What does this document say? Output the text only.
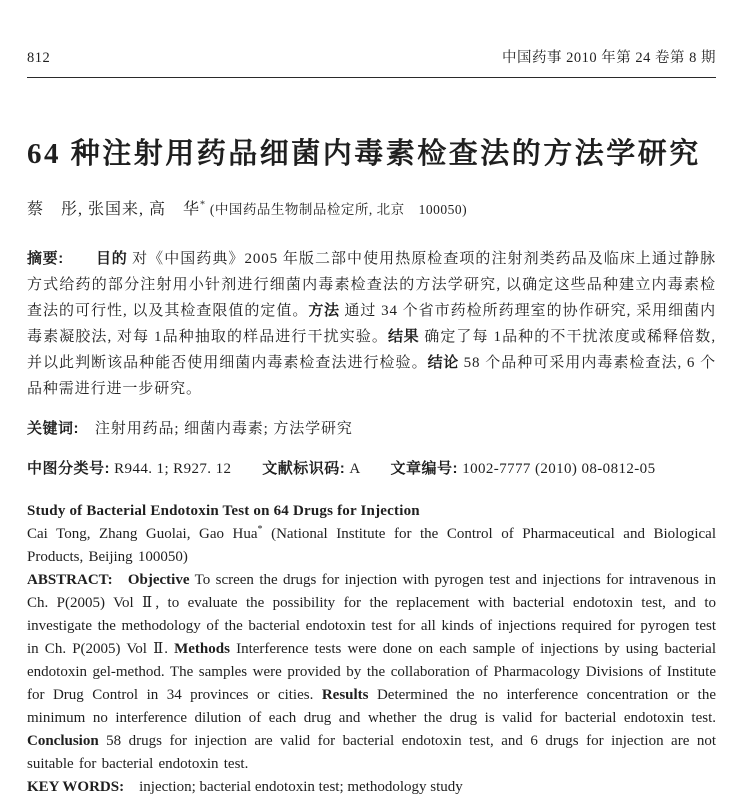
812	中国药事 2010 年第 24 卷第 8 期
64 种注射用药品细菌内毒素检查法的方法学研究

蔡　彤, 张国来, 高　华* (中国药品生物制品检定所, 北京　100050)

摘要:　　 目的 对《中国药典》2005 年版二部中使用热原检查项的注射剂类药品及临床上通过静脉方式给药的部分注射用小针剂进行细菌内毒素检查法的方法学研究, 以确定这些品种建立内毒素检查法的可行性, 以及其检查限值的定值。方法 通过 34 个省市药检所药理室的协作研究, 采用细菌内毒素凝胶法, 对每 1品种抽取的样品进行干扰实验。结果 确定了每 1品种的不干扰浓度或稀释倍数, 并以此判断该品种能否使用细菌内毒素检查法进行检验。结论 58 个品种可采用内毒素检查法, 6 个品种需进行进一步研究。

关键词:　注射用药品; 细菌内毒素; 方法学研究

中图分类号: R944. 1; R927. 12　　文献标识码: A　　文章编号: 1002-7777 (2010) 08-0812-05

Study of Bacterial Endotoxin Test on 64 Drugs for Injection
Cai Tong, Zhang Guolai, Gao Hua* (National Institute for the Control of Pharmaceutical and Biological Products, Beijing 100050)
ABSTRACT:　 Objective To screen the drugs for injection with pyrogen test and injections for intravenous in Ch. P(2005) Vol Ⅱ, to evaluate the possibility for the replacement with bacterial endotoxin test, and to investigate the methodology of the bacterial endotoxin test for all kinds of injections required for pyrogen test in Ch. P(2005) Vol Ⅱ. Methods Interference tests were done on each sample of injections by using bacterial endotoxin gel-method. The samples were provided by the collaboration of Pharmacology Divisions of Institute for Drug Control in 34 provinces or cities. Results Determined the no interference concentration or the minimum no interference dilution of each drug and whether the drug is valid for bacterial endotoxin test. Conclusion 58 drugs for injection are valid for bacterial endotoxin test, and 6 drugs for injection are not suitable for bacterial endotoxin test.
KEY WORDS:　injection; bacterial endotoxin test; methodology study
